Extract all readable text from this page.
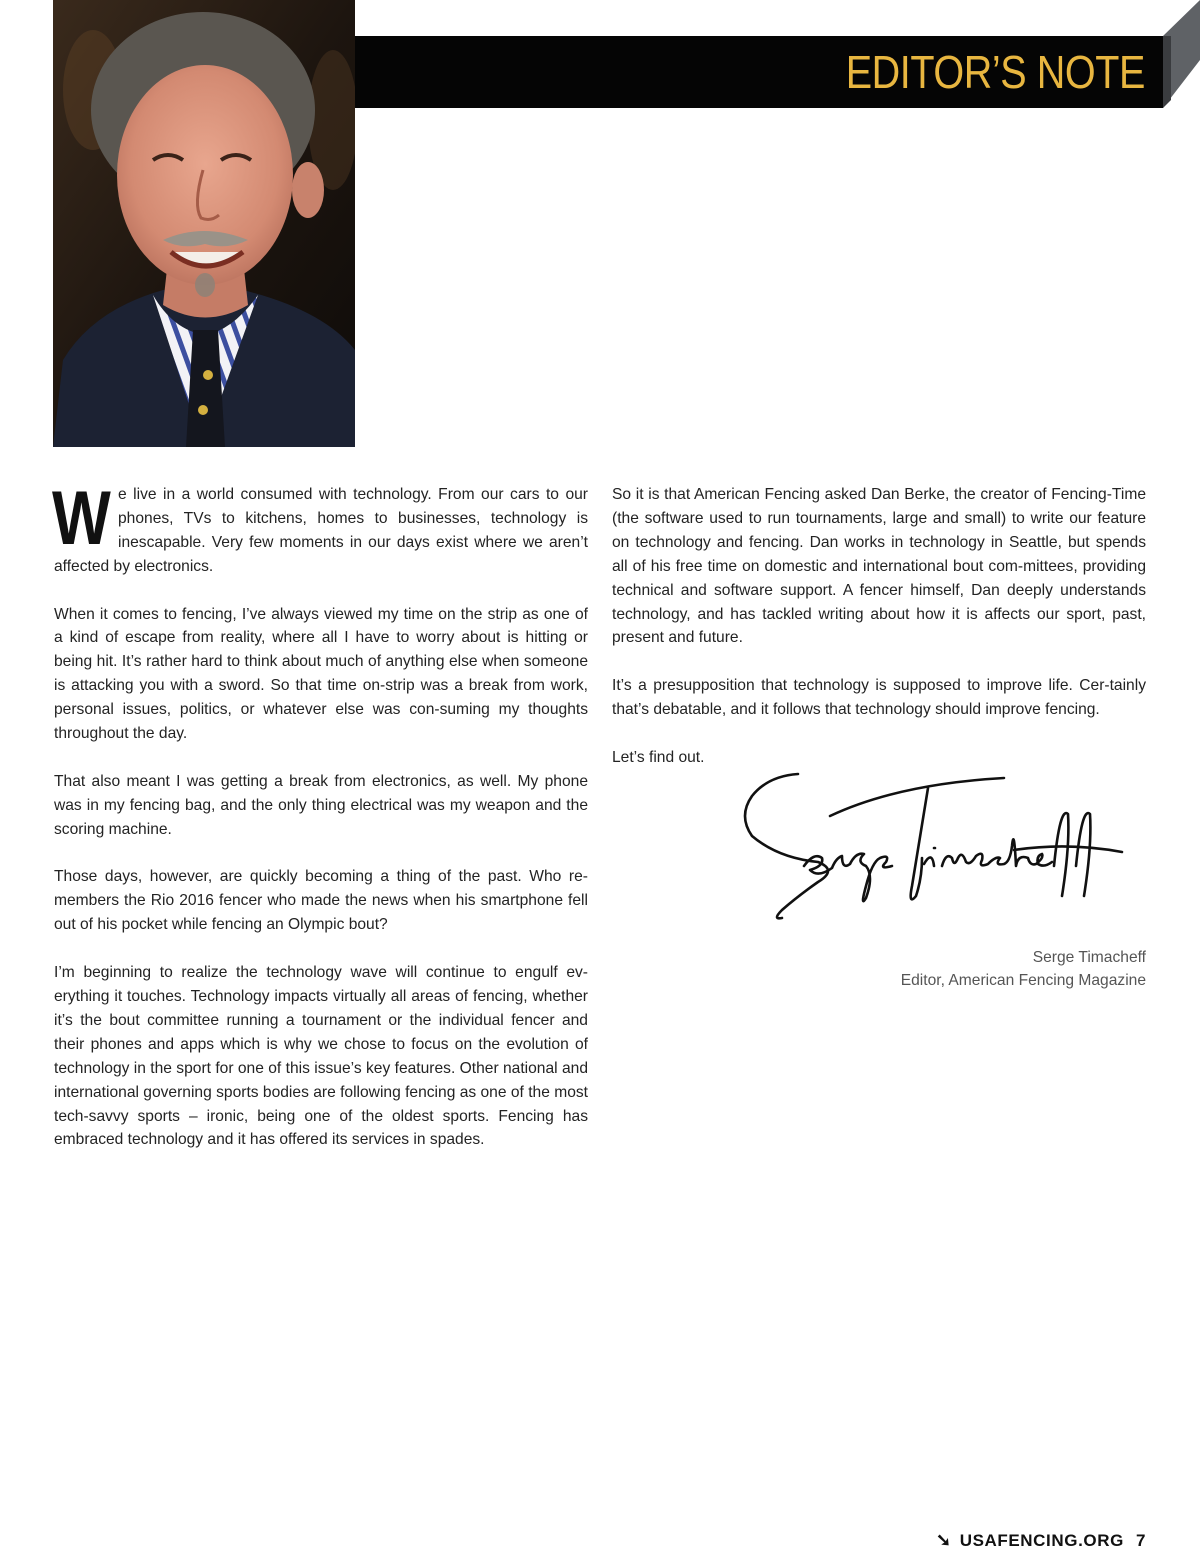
EDITOR’S NOTE

We live in a world consumed with technology. From our cars to our phones, TVs to kitchens, homes to businesses, technology is inescapable. Very few moments in our days exist where we aren’t affected by electronics.

When it comes to fencing, I’ve always viewed my time on the strip as one of a kind of escape from reality, where all I have to worry about is hitting or being hit. It’s rather hard to think about much of anything else when someone is attacking you with a sword. So that time on-strip was a break from work, personal issues, politics, or whatever else was con-suming my thoughts throughout the day.

That also meant I was getting a break from electronics, as well. My phone was in my fencing bag, and the only thing electrical was my weapon and the scoring machine.

Those days, however, are quickly becoming a thing of the past. Who re-members the Rio 2016 fencer who made the news when his smartphone fell out of his pocket while fencing an Olympic bout?

I’m beginning to realize the technology wave will continue to engulf ev-erything it touches. Technology impacts virtually all areas of fencing, whether it’s the bout committee running a tournament or the individual fencer and their phones and apps which is why we chose to focus on the evolution of technology in the sport for one of this issue’s key features. Other national and international governing sports bodies are following fencing as one of the most tech-savvy sports – ironic, being one of the oldest sports. Fencing has embraced technology and it has offered its services in spades.

So it is that American Fencing asked Dan Berke, the creator of Fencing-Time (the software used to run tournaments, large and small) to write our feature on technology and fencing. Dan works in technology in Seattle, but spends all of his free time on domestic and international bout com-mittees, providing technical and software support. A fencer himself, Dan deeply understands technology, and has tackled writing about how it is affects our sport, past, present and future.

It’s a presupposition that technology is supposed to improve life. Cer-tainly that’s debatable, and it follows that technology should improve fencing.

Let’s find out.

Serge Timacheff
Editor, American Fencing Magazine
➘ USAFENCING.ORG 7
